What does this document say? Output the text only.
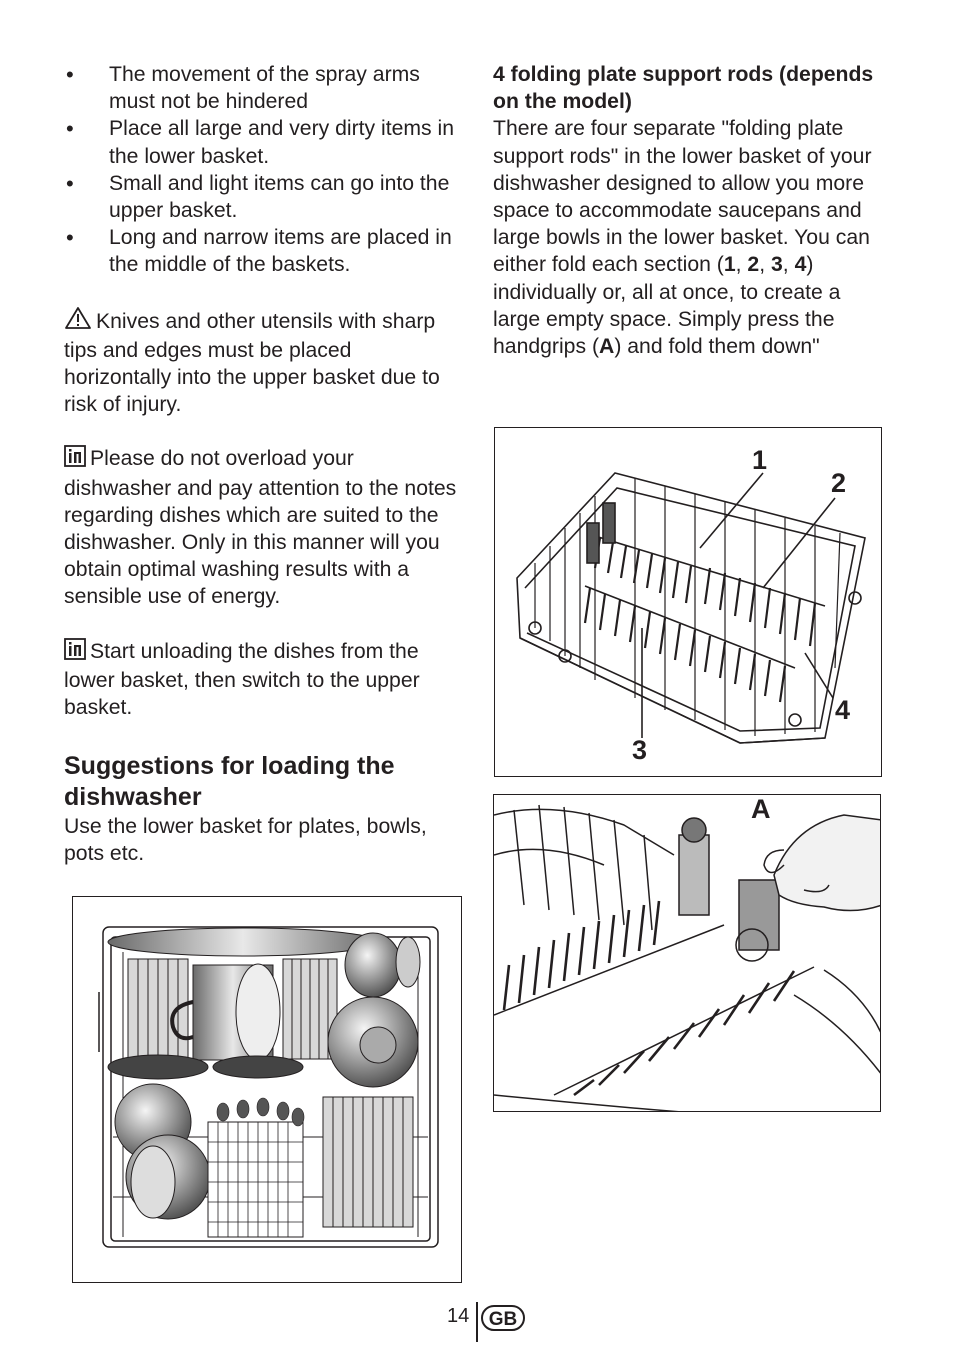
• The movement of the spray arms must not be hindered
• Place all large and very dirty items in the lower basket.
• Small and light items can go into the upper basket.
• Long and narrow items are placed in the middle of the baskets.

Knives and other utensils with sharp tips and edges must be placed horizontally into the upper basket due to risk of injury.

Please do not overload your dishwasher and pay attention to the notes regarding dishes which are suited to the dishwasher. Only in this manner will you obtain optimal washing results with a sensible use of energy.

Start unloading the dishes from the lower basket, then switch to the upper basket.

Suggestions for loading the dishwasher

Use the lower basket for plates, bowls, pots etc.

4 folding plate support rods (depends on the model)

There are four separate "folding plate support rods" in the lower basket of your dishwasher designed to allow you more space to accommodate saucepans and large bowls in the lower basket. You can either fold each section (1, 2, 3, 4) individually or, all at once, to create a large empty space. Simply press the handgrips (A) and fold them down"

1
2
3
4
A
14	GB
